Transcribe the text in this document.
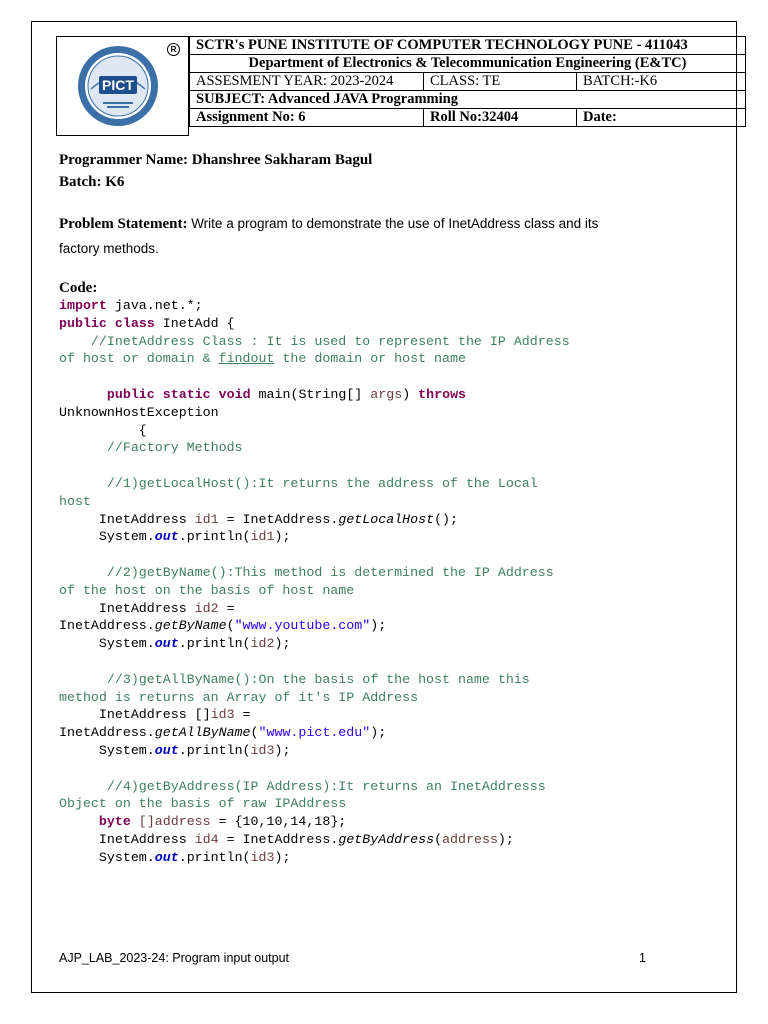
PICT
R SCTR's PUNE INSTITUTE OF COMPUTER TECHNOLOGY PUNE - 411043		
Department of Electronics & Telecommunication Engineering (E&TC)		
ASSESMENT YEAR: 2023-2024	CLASS: TE	BATCH:-K6
SUBJECT: Advanced JAVA Programming		
Assignment No: 6	Roll No:32404	Date:
Programmer Name: Dhanshree Sakharam Bagul
Batch: K6
Problem Statement: Write a program to demonstrate the use of InetAddress class and its
factory methods.
Code:
import java.net.*;
public class InetAdd {
//InetAddress Class : It is used to represent the IP Address
of host or domain & findout the domain or host name

public static void main(String[] args) throws
UnknownHostException
{
//Factory Methods

//1)getLocalHost():It returns the address of the Local
host
InetAddress id1 = InetAddress.getLocalHost();
System.out.println(id1);

//2)getByName():This method is determined the IP Address
of the host on the basis of host name
InetAddress id2 =
InetAddress.getByName("www.youtube.com");
System.out.println(id2);

//3)getAllByName():On the basis of the host name this
method is returns an Array of it's IP Address
InetAddress []id3 =
InetAddress.getAllByName("www.pict.edu");
System.out.println(id3);

//4)getByAddress(IP Address):It returns an InetAddresss
Object on the basis of raw IPAddress
byte []address = {10,10,14,18};
InetAddress id4 = InetAddress.getByAddress(address);
System.out.println(id3);
AJP_LAB_2023-24: Program input output	1
